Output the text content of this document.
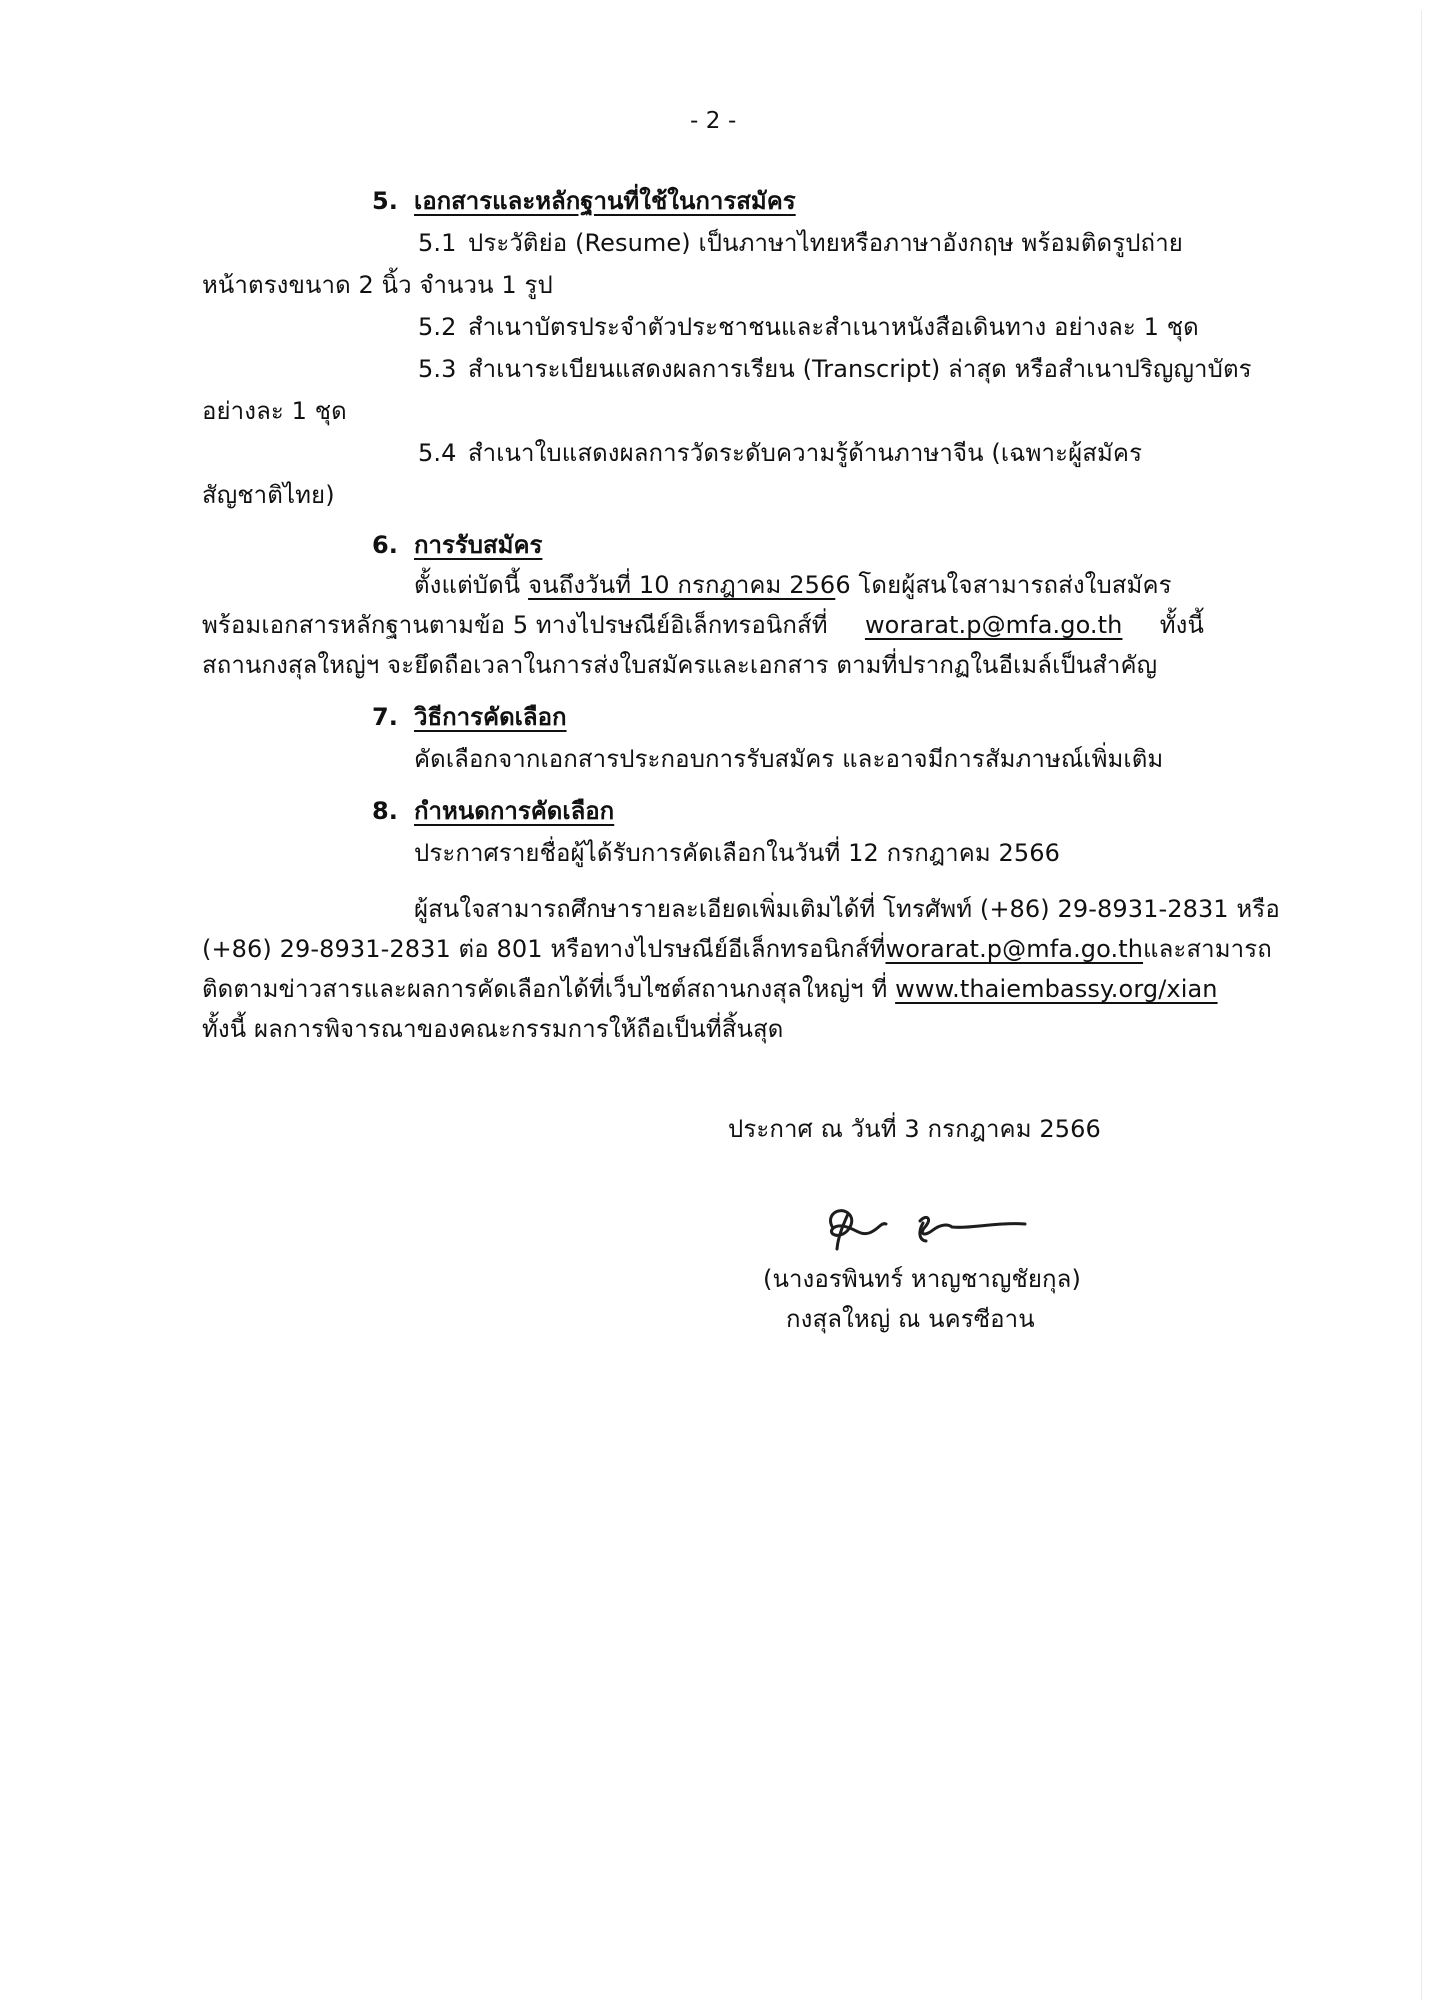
- 2 -
5. เอกสารและหลักฐานที่ใช้ในการสมัคร
5.1 ประวัติย่อ (Resume) เป็นภาษาไทยหรือภาษาอังกฤษ พร้อมติดรูปถ่าย
หน้าตรงขนาด 2 นิ้ว จำนวน 1 รูป
5.2 สำเนาบัตรประจำตัวประชาชนและสำเนาหนังสือเดินทาง อย่างละ 1 ชุด
5.3 สำเนาระเบียนแสดงผลการเรียน (Transcript) ล่าสุด หรือสำเนาปริญญาบัตร
อย่างละ 1 ชุด
5.4 สำเนาใบแสดงผลการวัดระดับความรู้ด้านภาษาจีน (เฉพาะผู้สมัคร
สัญชาติไทย)
6. การรับสมัคร
ตั้งแต่บัดนี้ จนถึงวันที่ 10 กรกฎาคม 2566 โดยผู้สนใจสามารถส่งใบสมัคร
พร้อมเอกสารหลักฐานตามข้อ 5 ทางไปรษณีย์อิเล็กทรอนิกส์ที่ worarat.p@mfa.go.th ทั้งนี้
สถานกงสุลใหญ่ฯ จะยึดถือเวลาในการส่งใบสมัครและเอกสาร ตามที่ปรากฏในอีเมล์เป็นสำคัญ
7. วิธีการคัดเลือก
คัดเลือกจากเอกสารประกอบการรับสมัคร และอาจมีการสัมภาษณ์เพิ่มเติม
8. กำหนดการคัดเลือก
ประกาศรายชื่อผู้ได้รับการคัดเลือกในวันที่ 12 กรกฎาคม 2566
ผู้สนใจสามารถศึกษารายละเอียดเพิ่มเติมได้ที่ โทรศัพท์ (+86) 29-8931-2831 หรือ
(+86) 29-8931-2831 ต่อ 801 หรือทางไปรษณีย์อีเล็กทรอนิกส์ที่ worarat.p@mfa.go.th และสามารถ
ติดตามข่าวสารและผลการคัดเลือกได้ที่เว็บไซต์สถานกงสุลใหญ่ฯ ที่ www.thaiembassy.org/xian
ทั้งนี้ ผลการพิจารณาของคณะกรรมการให้ถือเป็นที่สิ้นสุด
ประกาศ ณ วันที่ 3 กรกฎาคม 2566
(นางอรพินทร์ หาญชาญชัยกุล)
กงสุลใหญ่ ณ นครซีอาน
